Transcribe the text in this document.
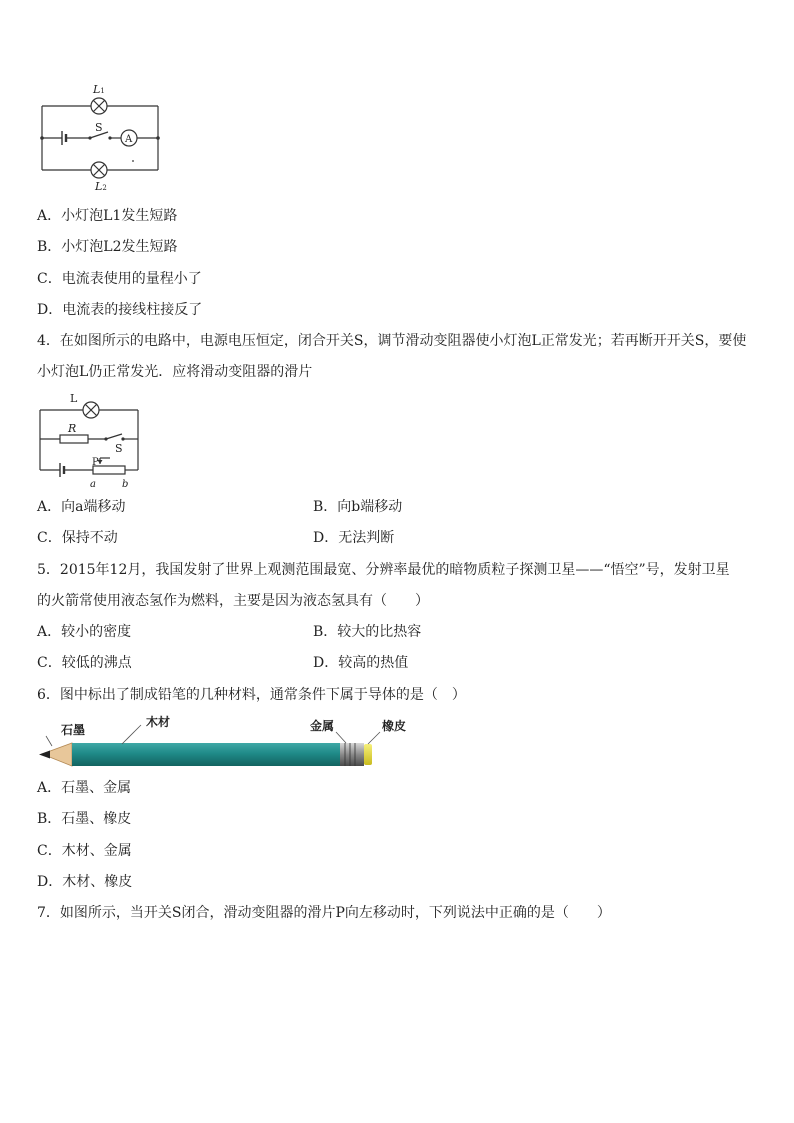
A
L1
S
L2
A．小灯泡L1发生短路
B．小灯泡L2发生短路
C．电流表使用的量程小了
D．电流表的接线柱接反了
4．在如图所示的电路中，电源电压恒定，闭合开关S，调节滑动变阻器使小灯泡L正常发光；若再断开开关S，要使
小灯泡L仍正常发光．应将滑动变阻器的滑片
L
R
S
P
a	b
A．向a端移动	B．向b端移动
C．保持不动	D．无法判断
5．2015年12月，我国发射了世界上观测范围最宽、分辨率最优的暗物质粒子探测卫星——“悟空”号，发射卫星
的火箭常使用液态氢作为燃料，主要是因为液态氢具有（　　）
A．较小的密度	B．较大的比热容
C．较低的沸点	D．较高的热值
6．图中标出了制成铅笔的几种材料，通常条件下属于导体的是（　）
石墨
木材	金属	橡皮
A．石墨、金属
B．石墨、橡皮
C．木材、金属
D．木材、橡皮
7．如图所示，当开关S闭合，滑动变阻器的滑片P向左移动时，下列说法中正确的是（　　）
